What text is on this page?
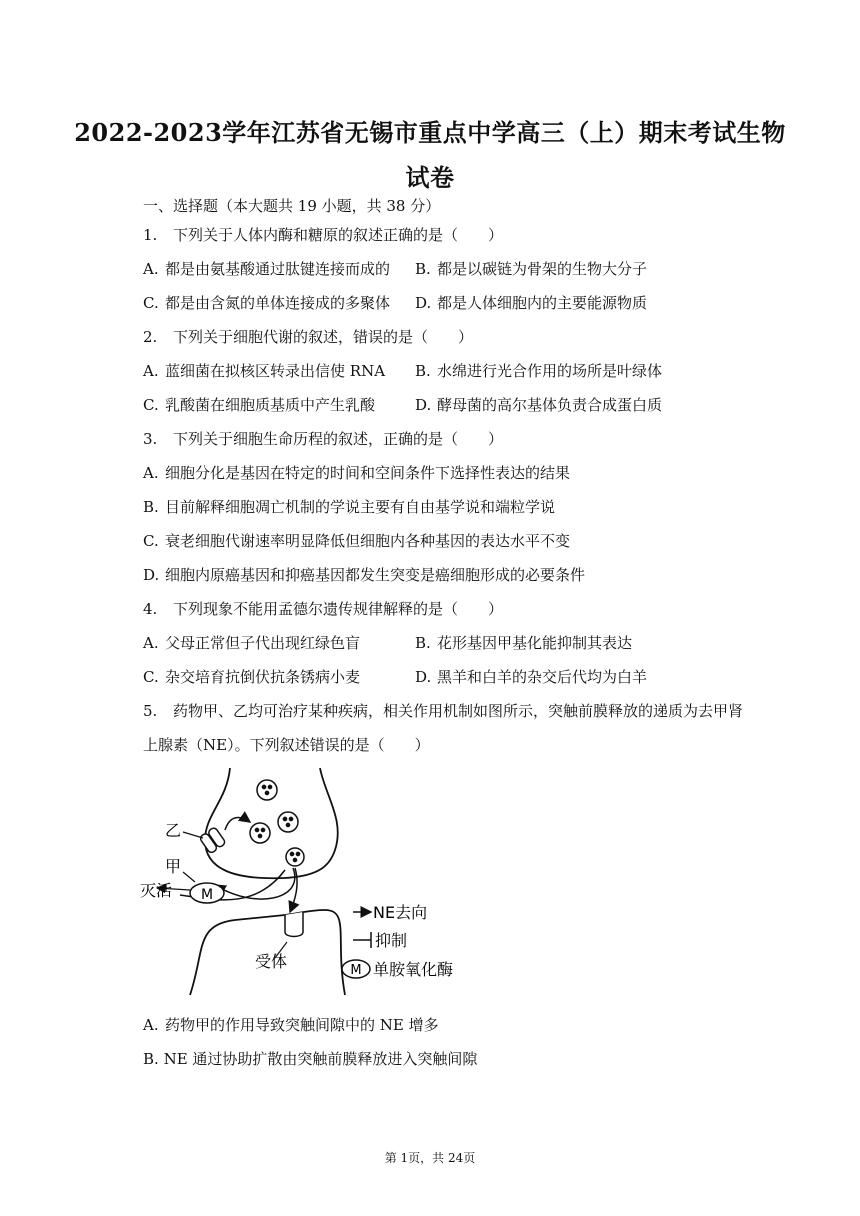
2022-2023学年江苏省无锡市重点中学高三（上）期末考试生物
试卷
一、选择题（本大题共 19 小题，共 38 分）
1. 下列关于人体内酶和糖原的叙述正确的是（　　）
A. 都是由氨基酸通过肽键连接而成的 B. 都是以碳链为骨架的生物大分子
C. 都是由含氮的单体连接成的多聚体 D. 都是人体细胞内的主要能源物质
2. 下列关于细胞代谢的叙述，错误的是（　　）
A. 蓝细菌在拟核区转录出信使 RNA B. 水绵进行光合作用的场所是叶绿体
C. 乳酸菌在细胞质基质中产生乳酸	D. 酵母菌的高尔基体负责合成蛋白质
3. 下列关于细胞生命历程的叙述，正确的是（　　）
A. 细胞分化是基因在特定的时间和空间条件下选择性表达的结果
B. 目前解释细胞凋亡机制的学说主要有自由基学说和端粒学说
C. 衰老细胞代谢速率明显降低但细胞内各种基因的表达水平不变
D. 细胞内原癌基因和抑癌基因都发生突变是癌细胞形成的必要条件
4. 下列现象不能用孟德尔遗传规律解释的是（　　）
A. 父母正常但子代出现红绿色盲	B. 花形基因甲基化能抑制其表达
C. 杂交培育抗倒伏抗条锈病小麦	D. 黑羊和白羊的杂交后代均为白羊
5. 药物甲、乙均可治疗某种疾病，相关作用机制如图所示，突触前膜释放的递质为去甲肾
上腺素（NE）。下列叙述错误的是（　　）
M
乙
甲
灭活
受体
NE去向
抑制
M 单胺氧化酶
A. 药物甲的作用导致突触间隙中的 NE 增多
B. NE 通过协助扩散由突触前膜释放进入突触间隙
第 1页，共 24页
